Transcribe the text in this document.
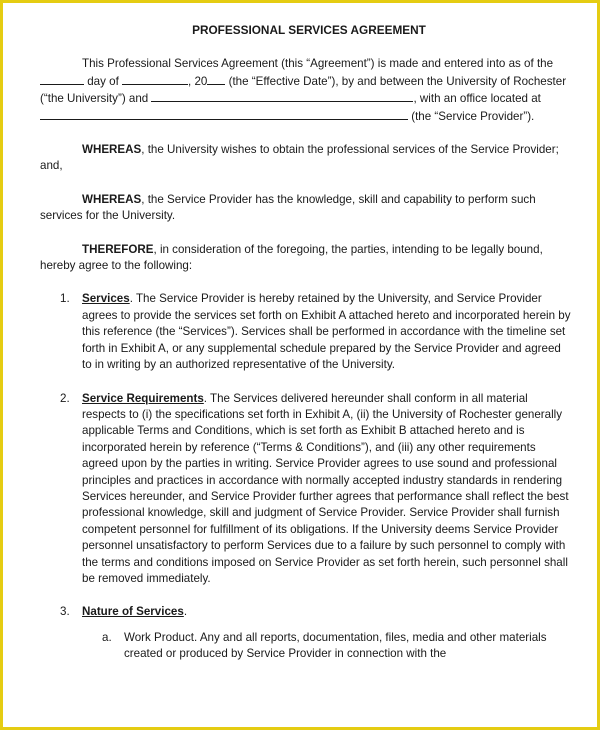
PROFESSIONAL SERVICES AGREEMENT

This Professional Services Agreement (this “Agreement”) is made and entered into as of the  day of	, 20 (the “Effective Date”), by and between the University of Rochester (“the University”) and	, with an office located at  (the “Service Provider”).

WHEREAS, the University wishes to obtain the professional services of the Service Provider; and,

WHEREAS, the Service Provider has the knowledge, skill and capability to perform such services for the University.

THEREFORE, in consideration of the foregoing, the parties, intending to be legally bound, hereby agree to the following:

1. Services. The Service Provider is hereby retained by the University, and Service Provider agrees to provide the services set forth on Exhibit A attached hereto and incorporated herein by this reference (the “Services”). Services shall be performed in accordance with the timeline set forth in Exhibit A, or any supplemental schedule prepared by the Service Provider and agreed to in writing by an authorized representative of the University.
2. Service Requirements. The Services delivered hereunder shall conform in all material respects to (i) the specifications set forth in Exhibit A, (ii) the University of Rochester generally applicable Terms and Conditions, which is set forth as Exhibit B attached hereto and is incorporated herein by reference (“Terms & Conditions”), and (iii) any other requirements agreed upon by the parties in writing. Service Provider agrees to use sound and professional principles and practices in accordance with normally accepted industry standards in rendering Services hereunder, and Service Provider further agrees that performance shall reflect the best professional knowledge, skill and judgment of Service Provider. Service Provider shall furnish competent personnel for fulfillment of its obligations. If the University deems Service Provider personnel unsatisfactory to perform Services due to a failure by such personnel to comply with the terms and conditions imposed on Service Provider as set forth herein, such personnel shall be removed immediately.
3. Nature of Services.
a. Work Product. Any and all reports, documentation, files, media and other materials created or produced by Service Provider in connection with the
